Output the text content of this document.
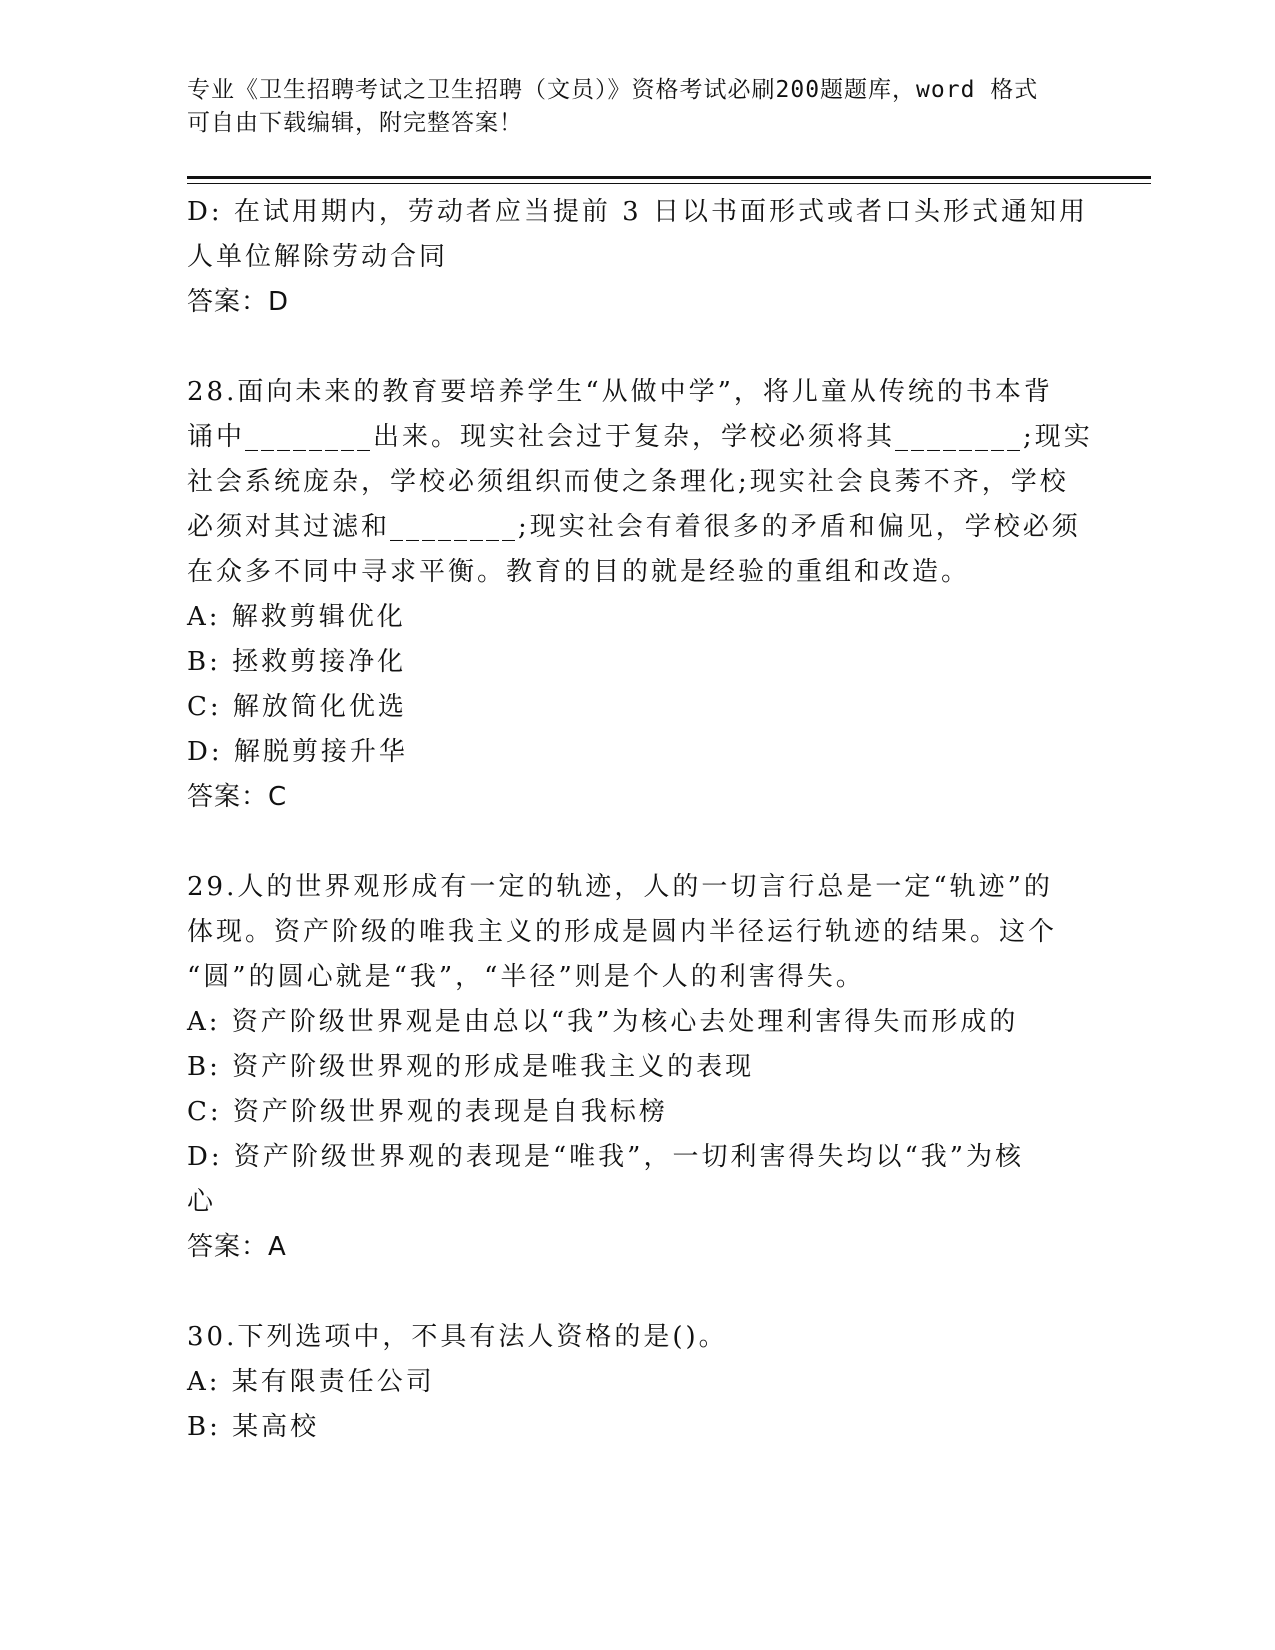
专业《卫生招聘考试之卫生招聘（文员）》资格考试必刷200题题库，word 格式
可自由下载编辑，附完整答案！
D: 在试用期内，劳动者应当提前 3 日以书面形式或者口头形式通知用
人单位解除劳动合同
答案：D
28.面向未来的教育要培养学生“从做中学”，将儿童从传统的书本背
诵中________出来。现实社会过于复杂，学校必须将其________;现实
社会系统庞杂，学校必须组织而使之条理化;现实社会良莠不齐，学校
必须对其过滤和________;现实社会有着很多的矛盾和偏见，学校必须
在众多不同中寻求平衡。教育的目的就是经验的重组和改造。
A: 解救剪辑优化
B: 拯救剪接净化
C: 解放简化优选
D: 解脱剪接升华
答案：C
29.人的世界观形成有一定的轨迹，人的一切言行总是一定“轨迹”的
体现。资产阶级的唯我主义的形成是圆内半径运行轨迹的结果。这个
“圆”的圆心就是“我”，“半径”则是个人的利害得失。
A: 资产阶级世界观是由总以“我”为核心去处理利害得失而形成的
B: 资产阶级世界观的形成是唯我主义的表现
C: 资产阶级世界观的表现是自我标榜
D: 资产阶级世界观的表现是“唯我”，一切利害得失均以“我”为核
心
答案：A
30.下列选项中，不具有法人资格的是()。
A: 某有限责任公司
B: 某高校
